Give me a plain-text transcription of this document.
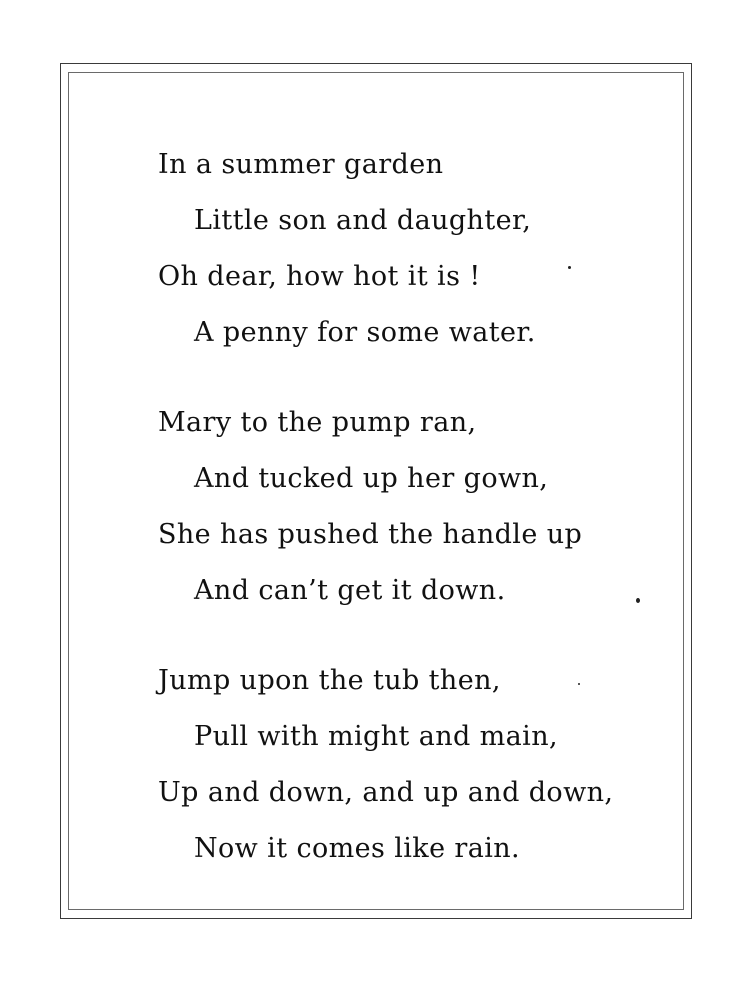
In a summer garden
Little son and daughter,
Oh dear, how hot it is !
A penny for some water.
Mary to the pump ran,
And tucked up her gown,
She has pushed the handle up
And can’t get it down.
Jump upon the tub then,
Pull with might and main,
Up and down, and up and down,
Now it comes like rain.
